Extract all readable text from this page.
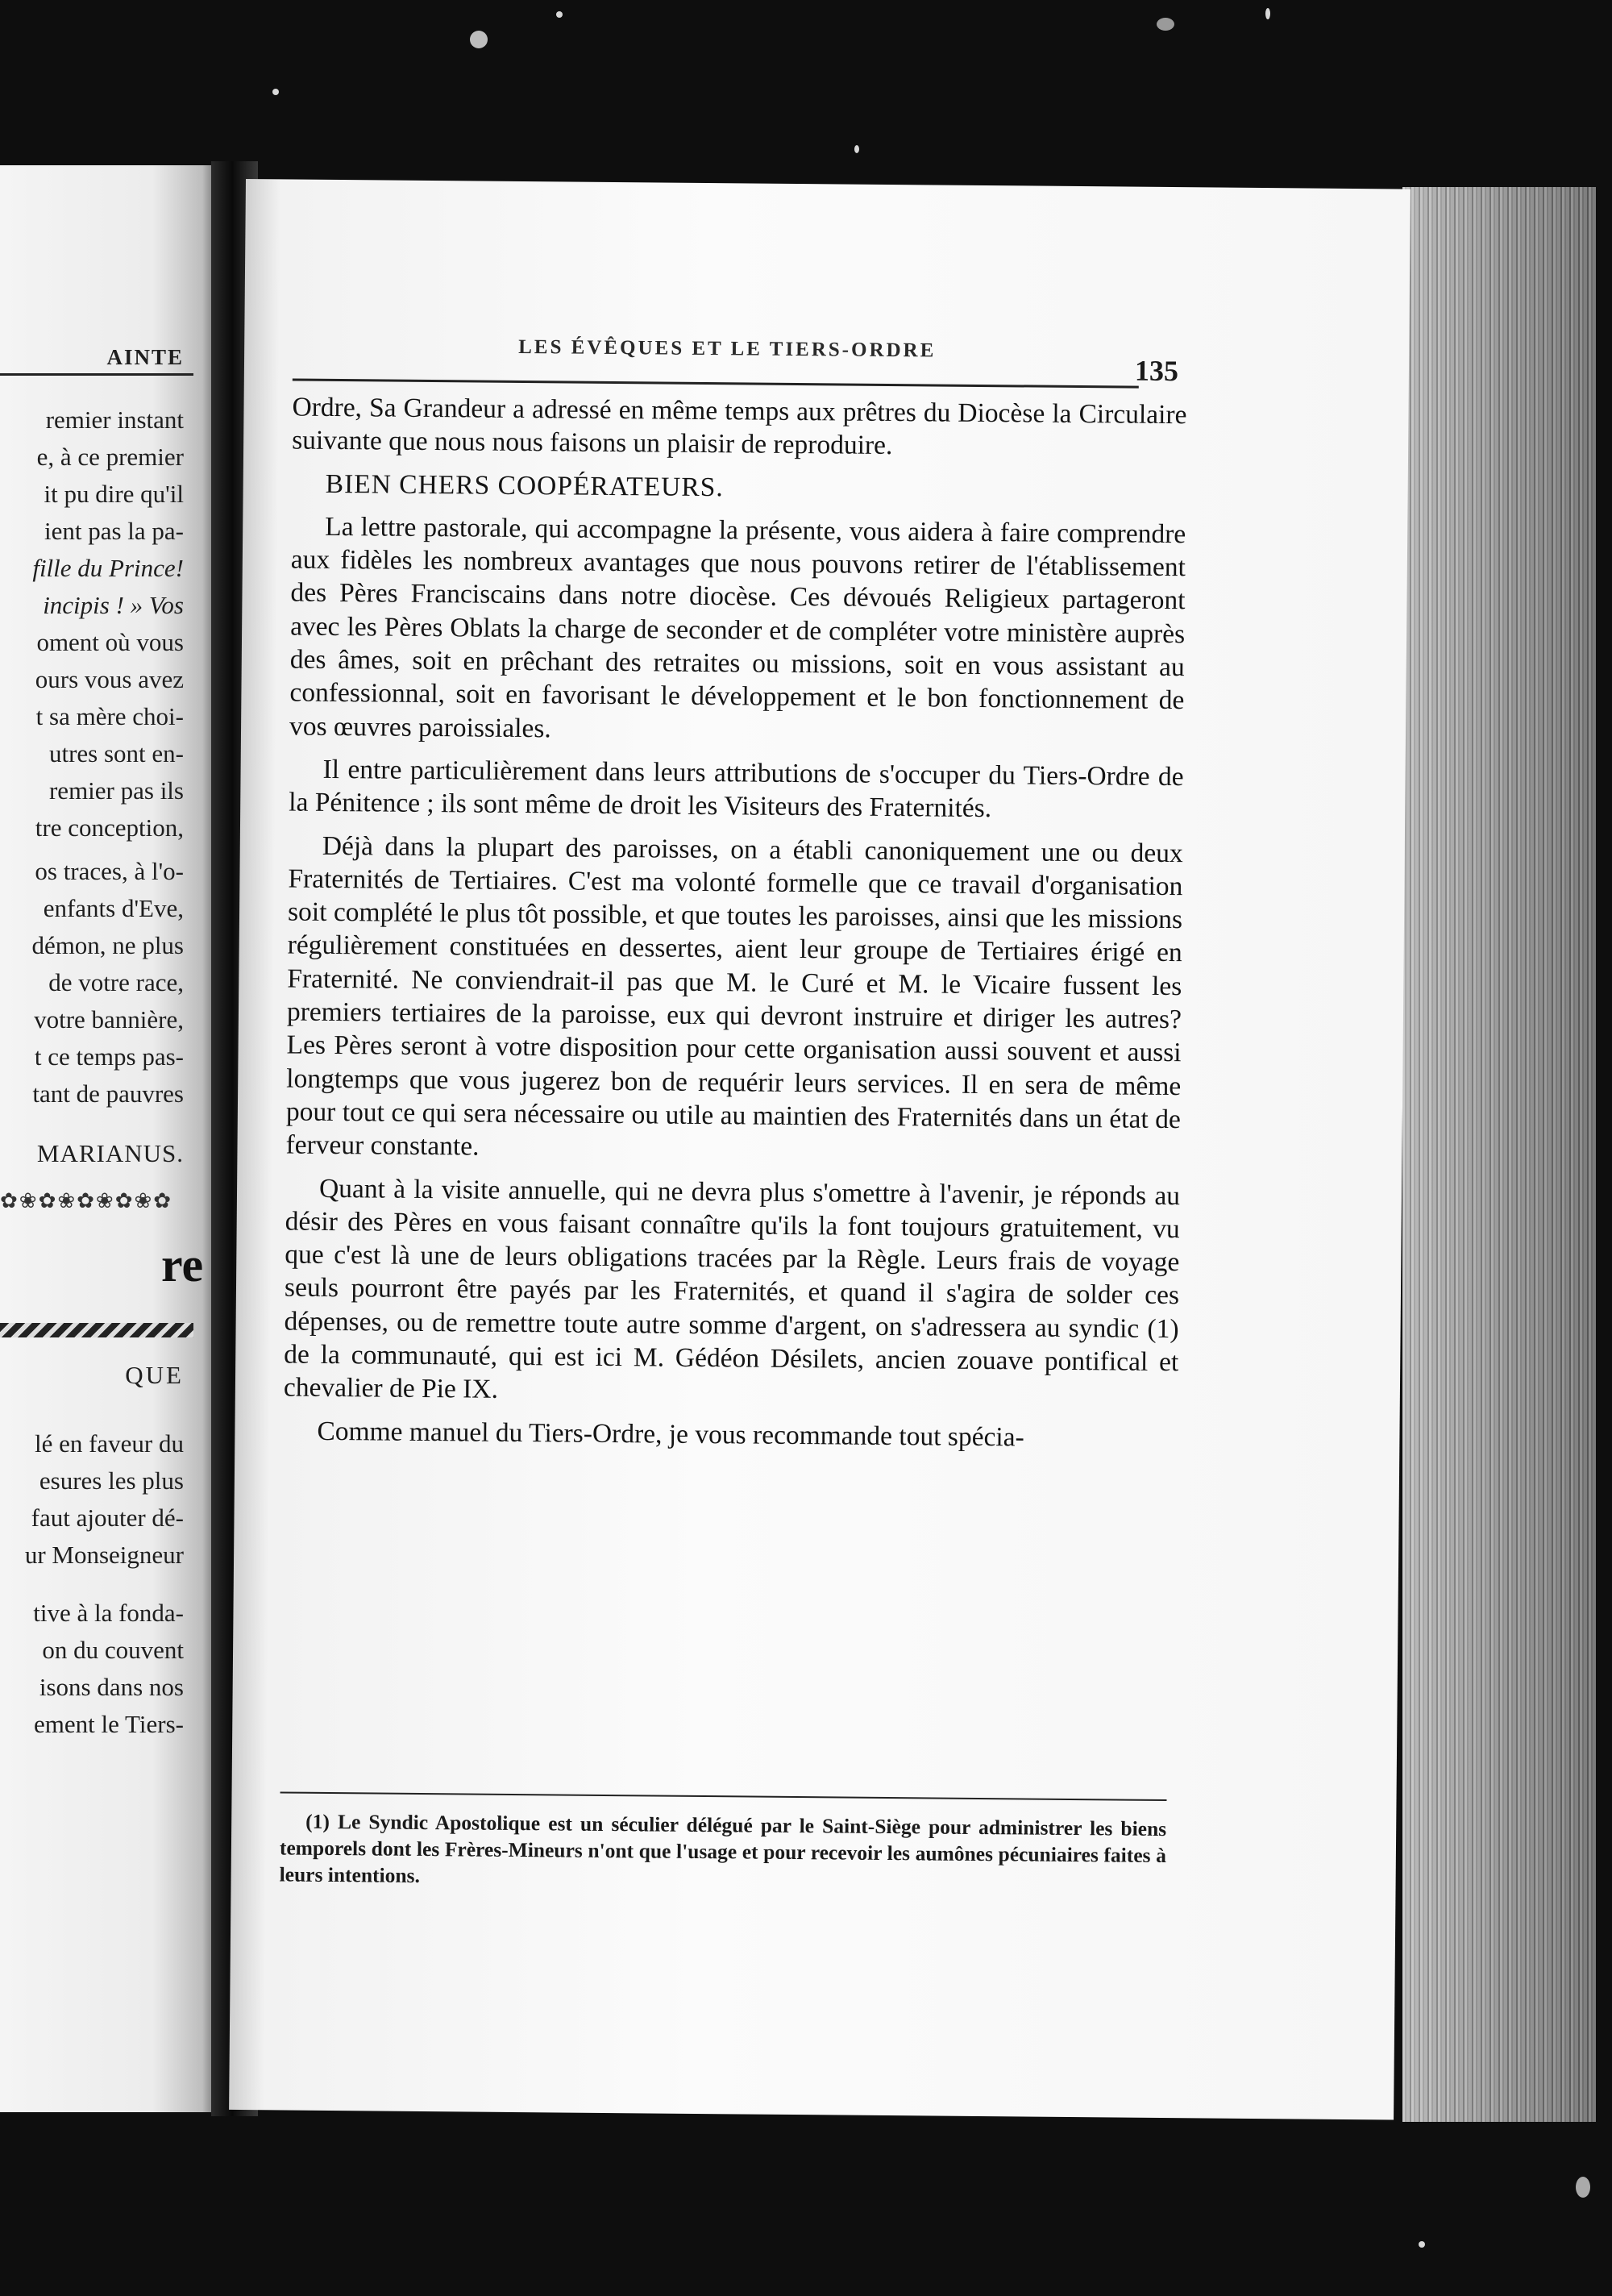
AINTE
remier instant
e, à ce premier
it pu dire qu'il
ient pas la pa-
fille du Prince!
incipis ! » Vos
oment où vous
ours vous avez
t sa mère choi-
utres sont en-
remier pas ils
tre conception,
os traces, à l'o-
enfants d'Eve,
démon, ne plus
de votre race,
votre bannière,
t ce temps pas-
tant de pauvres
MARIANUS.
✿❀✿❀✿❀✿❀✿
re
QUE
lé en faveur du
esures les plus
faut ajouter dé-
ur Monseigneur
tive à la fonda-
on du couvent
isons dans nos
ement le Tiers-
LES ÉVÊQUES ET LE TIERS-ORDRE
135

Ordre, Sa Grandeur a adressé en même temps aux prêtres du Diocèse la Circulaire suivante que nous nous faisons un plaisir de reproduire.

BIEN CHERS COOPÉRATEURS.

La lettre pastorale, qui accompagne la présente, vous aidera à faire comprendre aux fidèles les nombreux avantages que nous pouvons retirer de l'établissement des Pères Franciscains dans notre diocèse. Ces dévoués Religieux partageront avec les Pères Oblats la charge de seconder et de compléter votre ministère auprès des âmes, soit en prêchant des retraites ou missions, soit en vous assistant au confessionnal, soit en favorisant le développement et le bon fonctionnement de vos œuvres paroissiales.

Il entre particulièrement dans leurs attributions de s'occuper du Tiers-Ordre de la Pénitence ; ils sont même de droit les Visiteurs des Fraternités.

Déjà dans la plupart des paroisses, on a établi canoniquement une ou deux Fraternités de Tertiaires. C'est ma volonté formelle que ce travail d'organisation soit complété le plus tôt possible, et que toutes les paroisses, ainsi que les missions régulièrement constituées en dessertes, aient leur groupe de Tertiaires érigé en Fraternité. Ne conviendrait-il pas que M. le Curé et M. le Vicaire fussent les premiers tertiaires de la paroisse, eux qui devront instruire et diriger les autres? Les Pères seront à votre disposition pour cette organisation aussi souvent et aussi longtemps que vous jugerez bon de requérir leurs services. Il en sera de même pour tout ce qui sera nécessaire ou utile au maintien des Fraternités dans un état de ferveur constante.

Quant à la visite annuelle, qui ne devra plus s'omettre à l'avenir, je réponds au désir des Pères en vous faisant connaître qu'ils la font toujours gratuitement, vu que c'est là une de leurs obligations tracées par la Règle. Leurs frais de voyage seuls pourront être payés par les Fraternités, et quand il s'agira de solder ces dépenses, ou de remettre toute autre somme d'argent, on s'adressera au syndic (1) de la communauté, qui est ici M. Gédéon Désilets, ancien zouave pontifical et chevalier de Pie IX.

Comme manuel du Tiers-Ordre, je vous recommande tout spécia-

(1) Le Syndic Apostolique est un séculier délégué par le Saint-Siège pour administrer les biens temporels dont les Frères-Mineurs n'ont que l'usage et pour recevoir les aumônes pécuniaires faites à leurs intentions.
